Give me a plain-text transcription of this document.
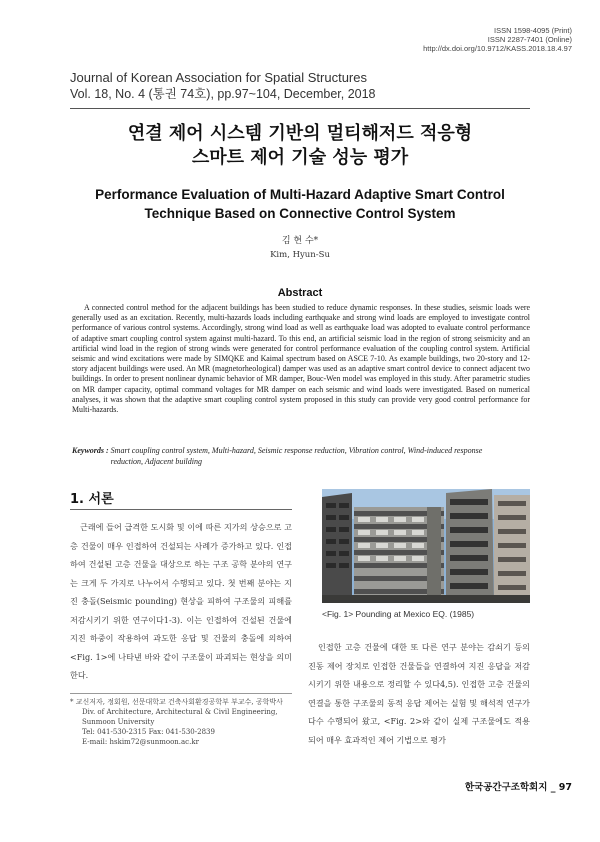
ISSN 1598-4095 (Print)
ISSN 2287-7401 (Online)
http://dx.doi.org/10.9712/KASS.2018.18.4.97
Journal of Korean Association for Spatial Structures
Vol. 18, No. 4 (통권 74호), pp.97~104, December, 2018
연결 제어 시스템 기반의 멀티해저드 적응형
스마트 제어 기술 성능 평가
Performance Evaluation of Multi-Hazard Adaptive Smart Control
Technique Based on Connective Control System
김 현 수*
Kim, Hyun-Su
Abstract
A connected control method for the adjacent buildings has been studied to reduce dynamic responses. In these studies, seismic loads were generally used as an excitation. Recently, multi-hazards loads including earthquake and strong wind loads are employed to investigate control performance of various control systems. Accordingly, strong wind load as well as earthquake load was adopted to evaluate control performance of adaptive smart coupling control system against multi-hazard. To this end, an artificial seismic load in the region of strong seismicity and an artificial wind load in the region of strong winds were generated for control performance evaluation of the coupling control system. Artificial seismic and wind excitations were made by SIMQKE and Kaimal spectrum based on ASCE 7-10. As example buildings, two 20-story and 12-story adjacent buildings were used. An MR (magnetorheological) damper was used as an adaptive smart control device to connect adjacent two buildings. In order to present nonlinear dynamic behavior of MR damper, Bouc-Wen model was employed in this study. After parametric studies on MR damper capacity, optimal command voltages for MR damper on each seismic and wind loads were investigated. Based on numerical analyses, it was shown that the adaptive smart coupling control system proposed in this study can provide very good control performance for Multi-hazards.
Keywords : Smart coupling control system, Multi-hazard, Seismic response reduction, Vibration control, Wind-induced response reduction, Adjacent building
1. 서론
근래에 들어 급격한 도시화 및 이에 따른 지가의 상승으로 고층 건물이 매우 인접하여 건설되는 사례가 증가하고 있다. 인접하여 건설된 고층 건물을 대상으로 하는 구조 공학 분야의 연구는 크게 두 가지로 나누어서 수행되고 있다. 첫 번째 분야는 지진 충돌(Seismic pounding) 현상을 피하여 구조물의 피해를 저감시키기 위한 연구이다1-3). 이는 인접하여 건설된 건물에 지진 하중이 작용하여 과도한 응답 및 건물의 충돌에 의하여 <Fig. 1>에 나타낸 바와 같이 구조물이 파괴되는 현상을 의미한다.

* 교신저자, 정회원, 선문대학교 건축사회환경공학부 부교수, 공학박사

Div. of Architecture, Architectural & Civil Engineering, Sunmoon University

Tel: 041-530-2315 Fax: 041-530-2839

E-mail: hskim72@sunmoon.ac.kr

<Fig. 1> Pounding at Mexico EQ. (1985)
인접한 고층 건물에 대한 또 다른 연구 분야는 감쇠기 등의 진동 제어 장치로 인접한 건물들을 연결하여 지진 응답을 저감시키기 위한 내용으로 정리할 수 있다4,5). 인접한 고층 건물의 연결을 통한 구조물의 동적 응답 제어는 실험 및 해석적 연구가 다수 수행되어 왔고, <Fig. 2>와 같이 실제 구조물에도 적용되어 매우 효과적인 제어 기법으로 평가
한국공간구조학회지 _ 97
